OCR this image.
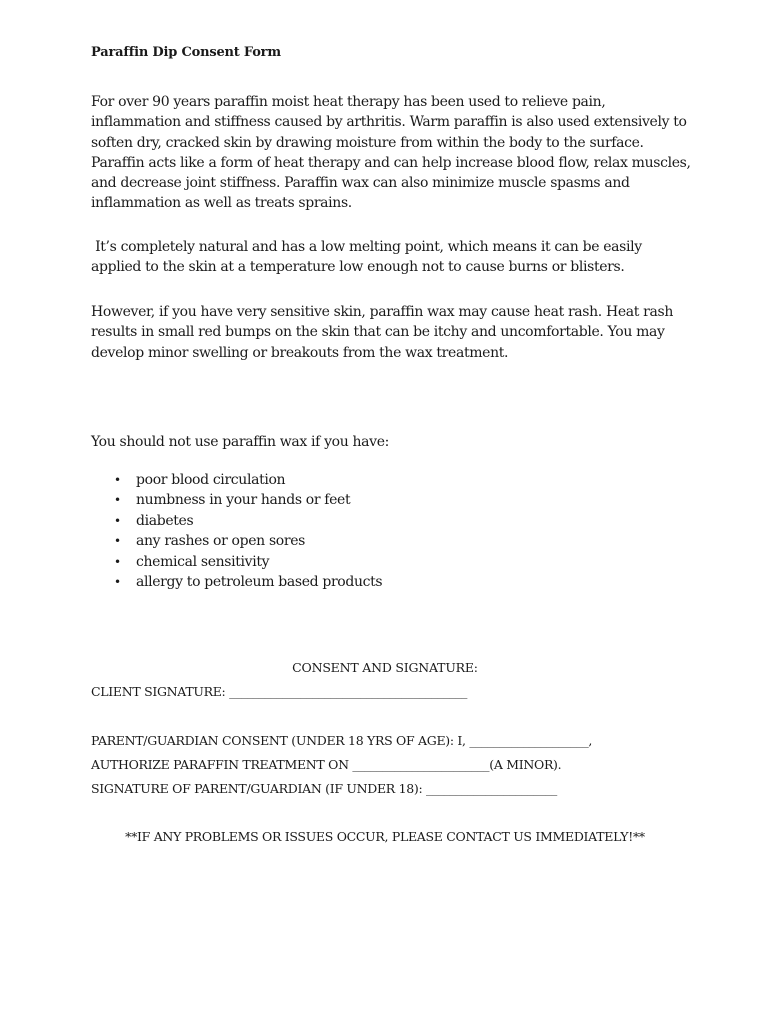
Paraffin Dip Consent Form

For over 90 years paraffin moist heat therapy has been used to relieve pain,
inflammation and stiffness caused by arthritis. Warm paraffin is also used extensively to
soften dry, cracked skin by drawing moisture from within the body to the surface.
Paraffin acts like a form of heat therapy and can help increase blood flow, relax muscles,
and decrease joint stiffness. Paraffin wax can also minimize muscle spasms and
inflammation as well as treats sprains.

It’s completely natural and has a low melting point, which means it can be easily
applied to the skin at a temperature low enough not to cause burns or blisters.

However, if you have very sensitive skin, paraffin wax may cause heat rash. Heat rash
results in small red bumps on the skin that can be itchy and uncomfortable. You may
develop minor swelling or breakouts from the wax treatment.

You should not use paraffin wax if you have:

• poor blood circulation
• numbness in your hands or feet
• diabetes
• any rashes or open sores
• chemical sensitivity
• allergy to petroleum based products
CONSENT AND SIGNATURE:
CLIENT SIGNATURE: ________________________________________
PARENT/GUARDIAN CONSENT (UNDER 18 YRS OF AGE): I, ____________________,
AUTHORIZE PARAFFIN TREATMENT ON _______________________(A MINOR).
SIGNATURE OF PARENT/GUARDIAN (IF UNDER 18): ______________________
**IF ANY PROBLEMS OR ISSUES OCCUR, PLEASE CONTACT US IMMEDIATELY!**
